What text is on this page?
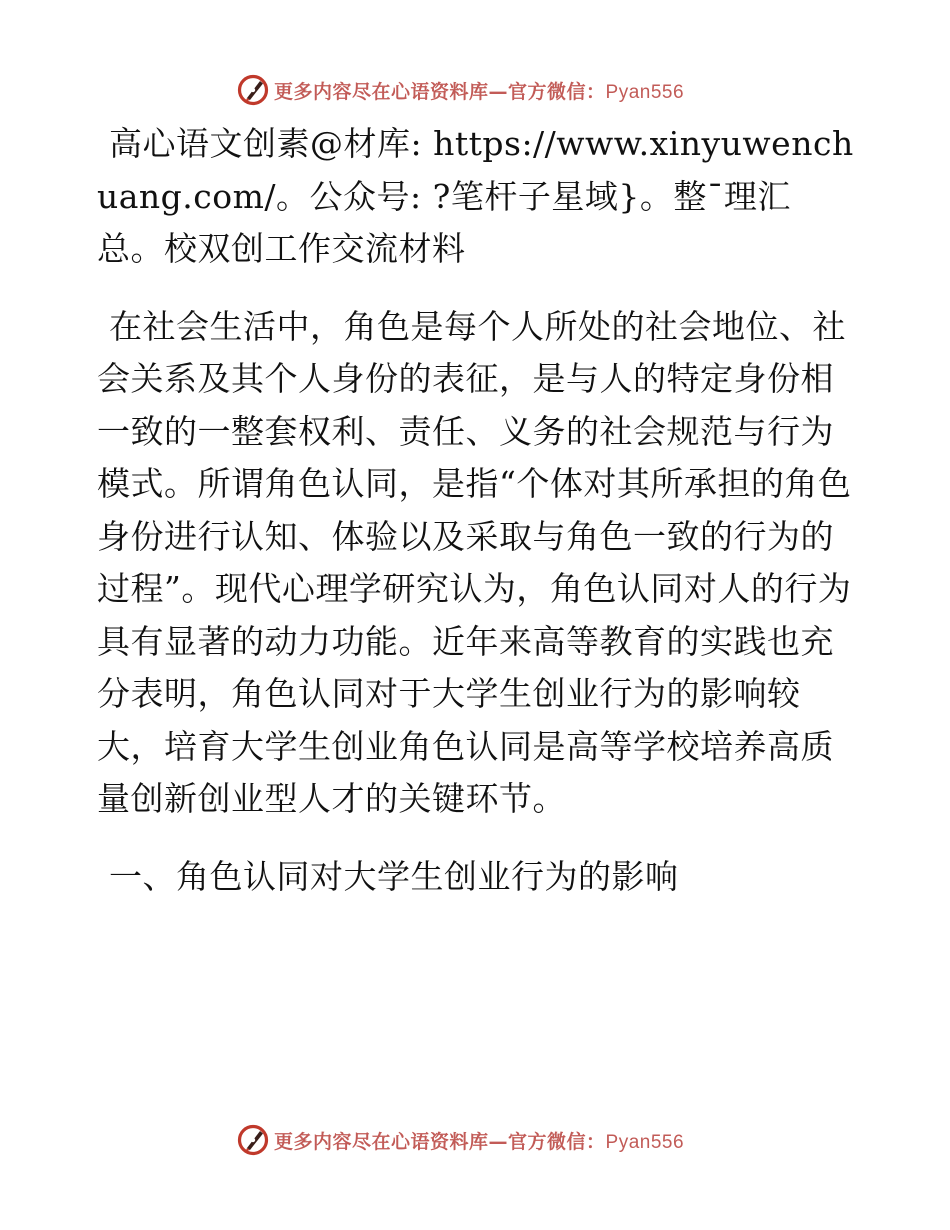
更多内容尽在心语资料库—官方微信：Pyan556

高心语文创素@材库: https://www.xinyuwenchuang.com/。公众号: ?笔杆子星域}。整¯理汇总。校双创工作交流材料

在社会生活中，角色是每个人所处的社会地位、社会关系及其个人身份的表征，是与人的特定身份相一致的一整套权利、责任、义务的社会规范与行为模式。所谓角色认同，是指“个体对其所承担的角色身份进行认知、体验以及采取与角色一致的行为的过程”。现代心理学研究认为，角色认同对人的行为具有显著的动力功能。近年来高等教育的实践也充分表明，角色认同对于大学生创业行为的影响较大，培育大学生创业角色认同是高等学校培养高质量创新创业型人才的关键环节。

一、角色认同对大学生创业行为的影响

更多内容尽在心语资料库—官方微信：Pyan556
